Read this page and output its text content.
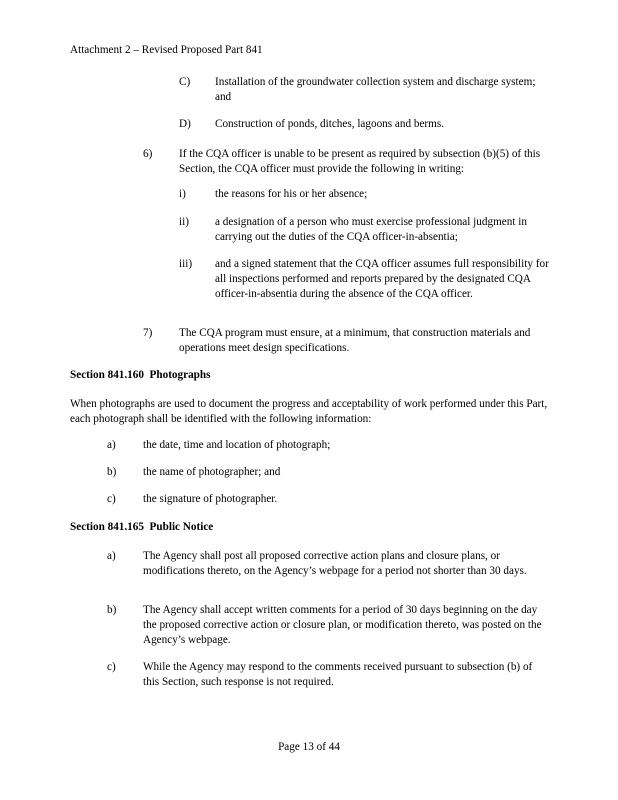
Attachment 2 – Revised Proposed Part 841
C) Installation of the groundwater collection system and discharge system; and
D) Construction of ponds, ditches, lagoons and berms.
6) If the CQA officer is unable to be present as required by subsection (b)(5) of this Section, the CQA officer must provide the following in writing:
i)	the reasons for his or her absence;
ii) a designation of a person who must exercise professional judgment in carrying out the duties of the CQA officer-in-absentia;
iii) and a signed statement that the CQA officer assumes full responsibility for all inspections performed and reports prepared by the designated CQA officer-in-absentia during the absence of the CQA officer.
7) The CQA program must ensure, at a minimum, that construction materials and operations meet design specifications.
Section 841.160  Photographs
When photographs are used to document the progress and acceptability of work performed under this Part, each photograph shall be identified with the following information:
a) the date, time and location of photograph;
b) the name of photographer; and
c) the signature of photographer.
Section 841.165  Public Notice
a) The Agency shall post all proposed corrective action plans and closure plans, or modifications thereto, on the Agency’s webpage for a period not shorter than 30 days.
b) The Agency shall accept written comments for a period of 30 days beginning on the day the proposed corrective action or closure plan, or modification thereto, was posted on the Agency’s webpage.
c) While the Agency may respond to the comments received pursuant to subsection (b) of this Section, such response is not required.
Page 13 of 44
